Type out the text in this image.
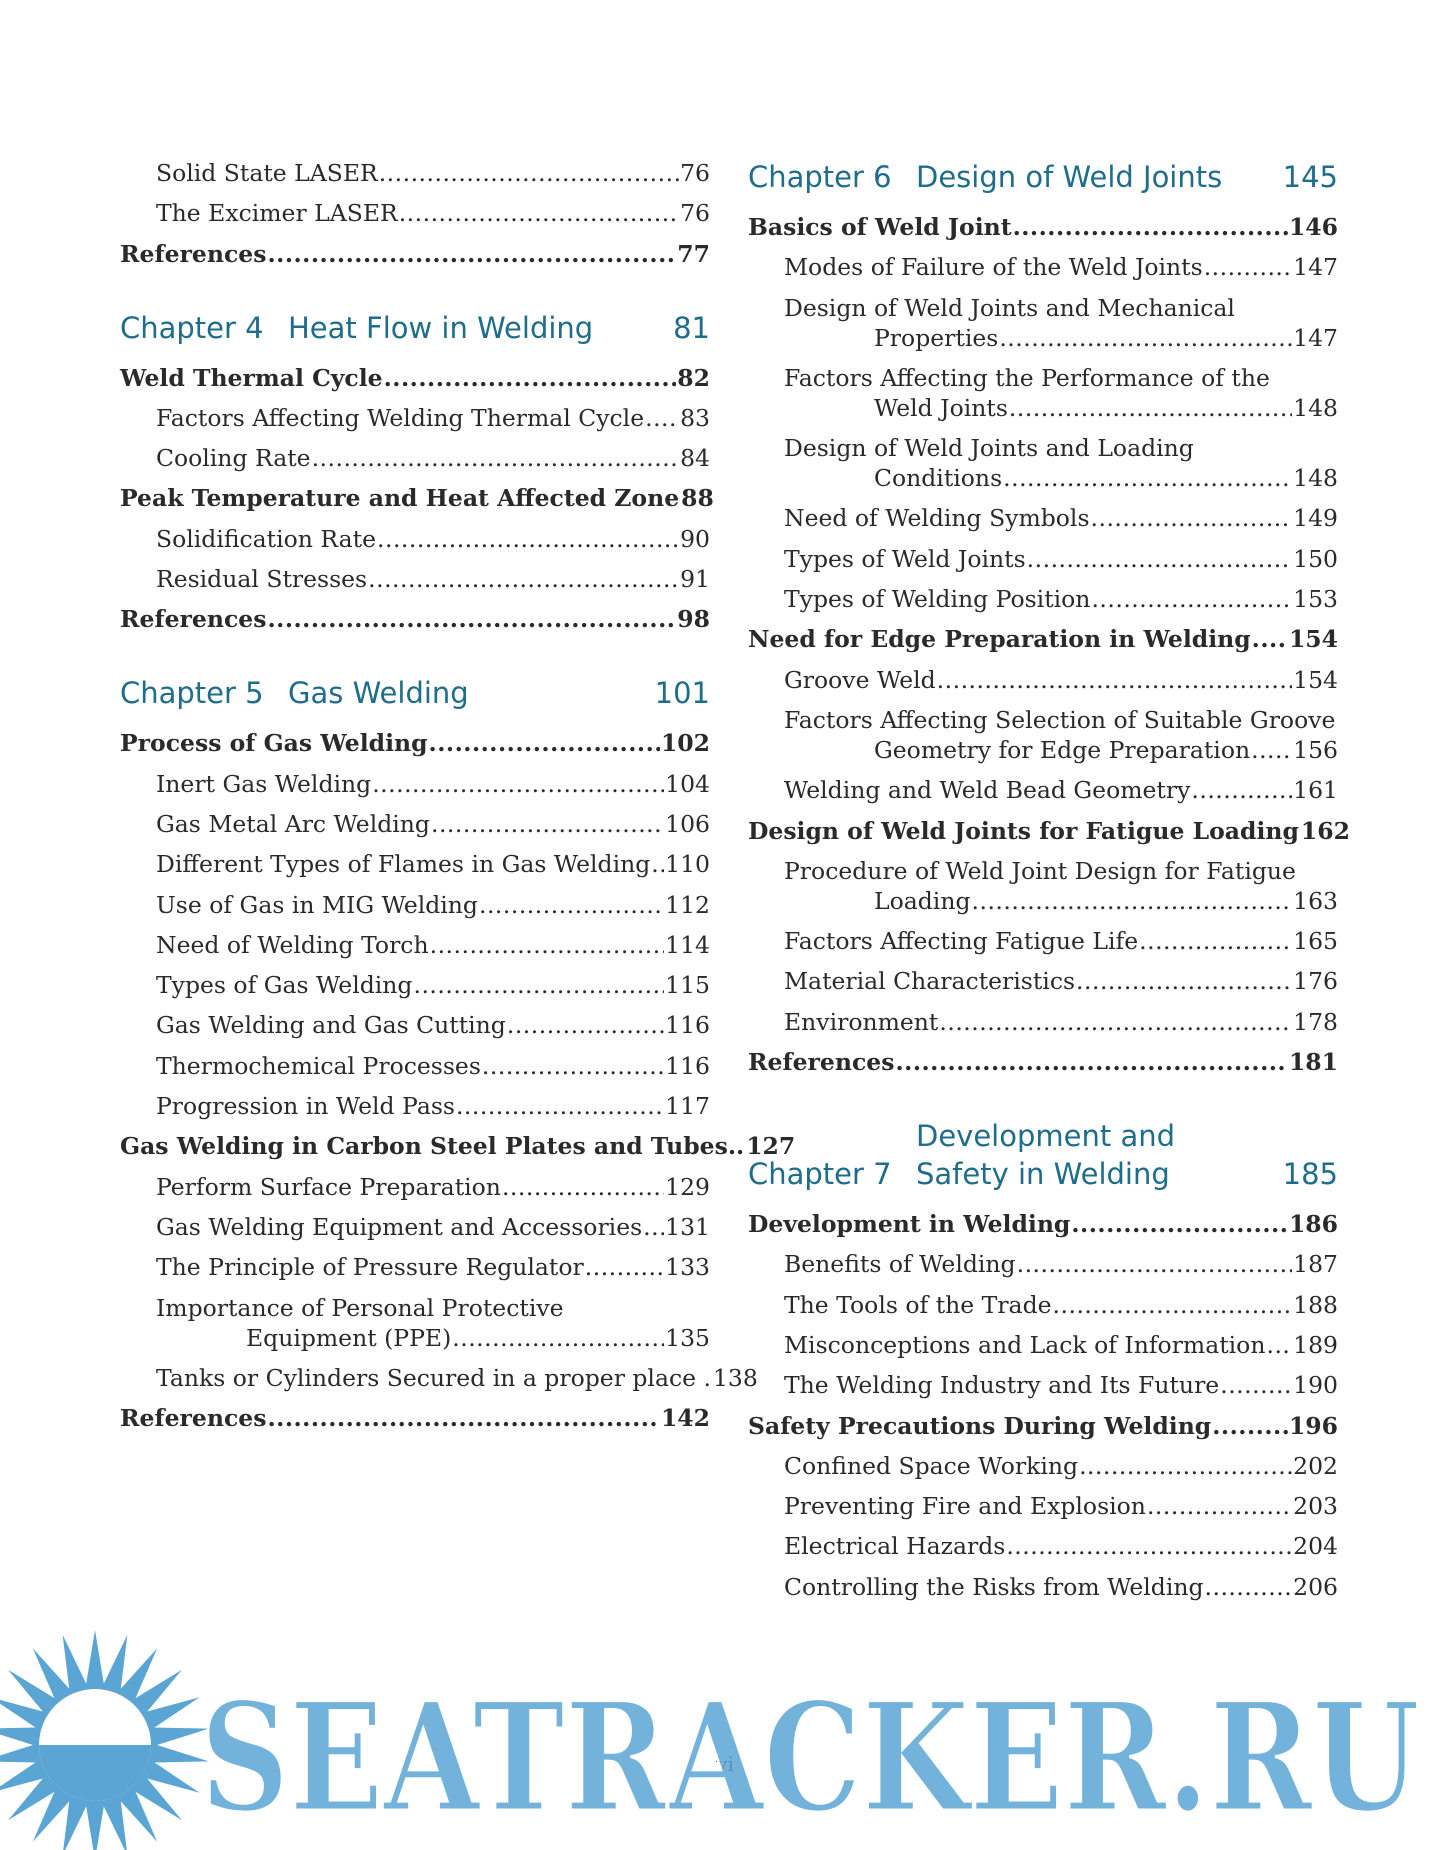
Solid State LASER .....	76
The Excimer LASER .....	76
References .....	77
Chapter 4 Heat Flow in Welding	81
Weld Thermal Cycle .....	82
Factors Affecting Welding Thermal Cycle ..... 83
Cooling Rate .....	84
Peak Temperature and Heat Affected Zone 88
Solidification Rate .....	90
Residual Stresses .....	91
References .....	98
Chapter 5 Gas Welding	101
Process of Gas Welding .....	102
Inert Gas Welding .....	104
Gas Metal Arc Welding .....	106
Different Types of Flames in Gas Welding ..... 110
Use of Gas in MIG Welding .....	112
Need of Welding Torch .....	114
Types of Gas Welding .....	115
Gas Welding and Gas Cutting .....	116
Thermochemical Processes .....	116
Progression in Weld Pass .....	117
Gas Welding in Carbon Steel Plates and Tubes.. 127
Perform Surface Preparation .....	129
Gas Welding Equipment and Accessories ..... 131
The Principle of Pressure Regulator .....	133
Importance of Personal Protective
Equipment (PPE) .....	135
Tanks or Cylinders Secured in a proper place . 138
References .....	142
Chapter 6 Design of Weld Joints	145
Basics of Weld Joint .....	146
Modes of Failure of the Weld Joints .....	147
Design of Weld Joints and Mechanical
Properties .....	147
Factors Affecting the Performance of the
Weld Joints .....	148
Design of Weld Joints and Loading
Conditions .....	148
Need of Welding Symbols .....	149
Types of Weld Joints .....	150
Types of Welding Position .....	153
Need for Edge Preparation in Welding ..... 154
Groove Weld .....	154
Factors Affecting Selection of Suitable Groove
Geometry for Edge Preparation ..... 156
Welding and Weld Bead Geometry .....	161
Design of Weld Joints for Fatigue Loading 162
Procedure of Weld Joint Design for Fatigue
Loading .....	163
Factors Affecting Fatigue Life .....	165
Material Characteristics .....	176
Environment .....	178
References .....	181
Chapter 7
Development and
Safety in Welding	185
Development in Welding .....	186
Benefits of Welding .....	187
The Tools of the Trade .....	188
Misconceptions and Lack of Information ..... 189
The Welding Industry and Its Future .....	190
Safety Precautions During Welding .....	196
Confined Space Working .....	202
Preventing Fire and Explosion .....	203
Electrical Hazards .....	204
Controlling the Risks from Welding .....	206
vi
SEATRACKER.RU
